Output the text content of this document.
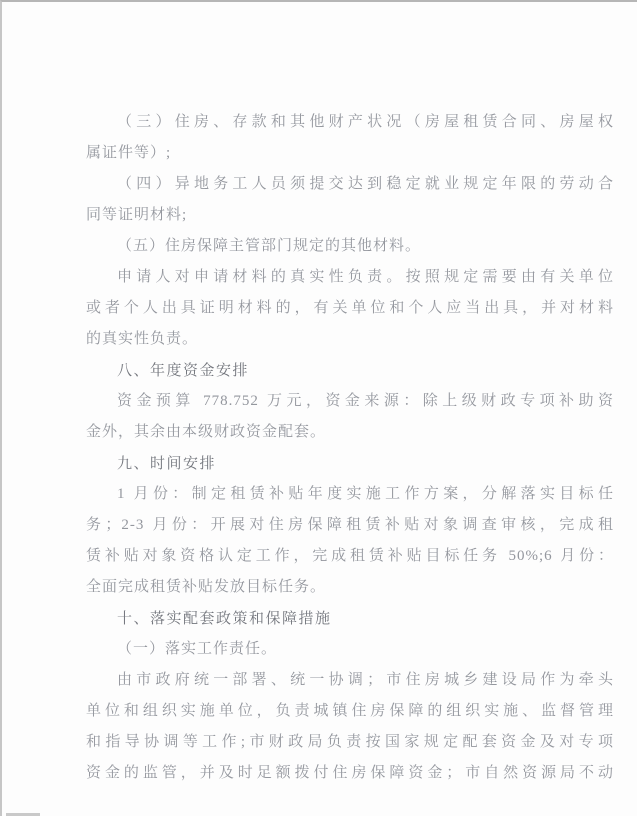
（三）住房、存款和其他财产状况（房屋租赁合同、房屋权
属证件等）;
（四）异地务工人员须提交达到稳定就业规定年限的劳动合
同等证明材料;
（五）住房保障主管部门规定的其他材料。
申请人对申请材料的真实性负责。按照规定需要由有关单位
或者个人出具证明材料的，有关单位和个人应当出具，并对材料
的真实性负责。
八、年度资金安排
资金预算 778.752 万元，资金来源：除上级财政专项补助资
金外，其余由本级财政资金配套。
九、时间安排
1 月份：制定租赁补贴年度实施工作方案，分解落实目标任
务；2-3 月份：开展对住房保障租赁补贴对象调查审核，完成租
赁补贴对象资格认定工作，完成租赁补贴目标任务 50%;6 月份：
全面完成租赁补贴发放目标任务。
十、落实配套政策和保障措施
（一）落实工作责任。
由市政府统一部署、统一协调；市住房城乡建设局作为牵头
单位和组织实施单位，负责城镇住房保障的组织实施、监督管理
和指导协调等工作;市财政局负责按国家规定配套资金及对专项
资金的监管，并及时足额拨付住房保障资金；市自然资源局不动
